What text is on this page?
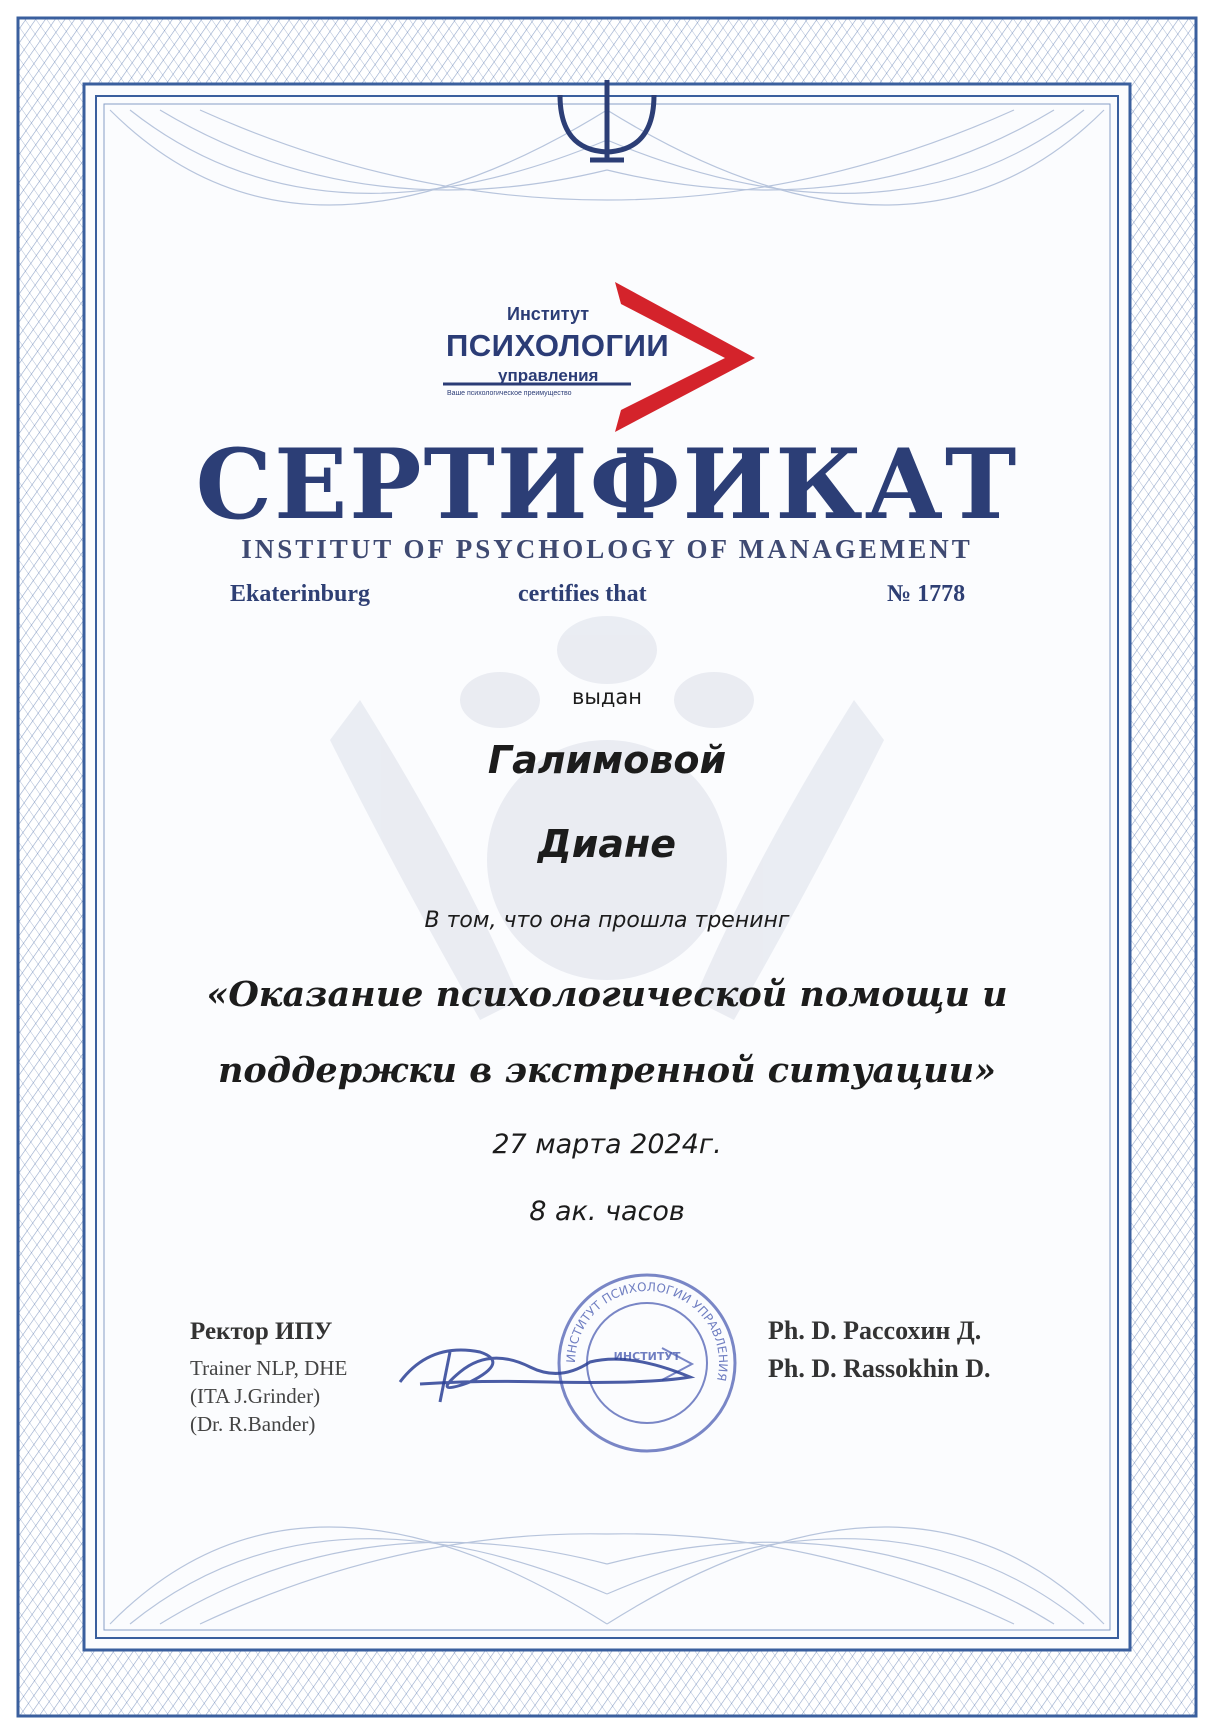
Институт
ПСИХОЛОГИИ
управления
Ваше психологическое преимущество
СЕРТИФИКАТ
INSTITUT OF PSYCHOLOGY OF MANAGEMENT
Ekaterinburg	certifies that	№ 1778
выдан
Галимовой
Диане
В том, что она прошла тренинг
«Оказание психологической помощи и
поддержки в экстренной ситуации»
27 марта 2024г.
8 ак. часов
Ректор ИПУ
Trainer NLP, DHE
(ITA J.Grinder)
(Dr. R.Bander)
ИНСТИТУТ ПСИХОЛОГИИ УПРАВЛЕНИЯ
ИНСТИТУТ
Ph. D. Рассохин Д.
Ph. D. Rassokhin D.
